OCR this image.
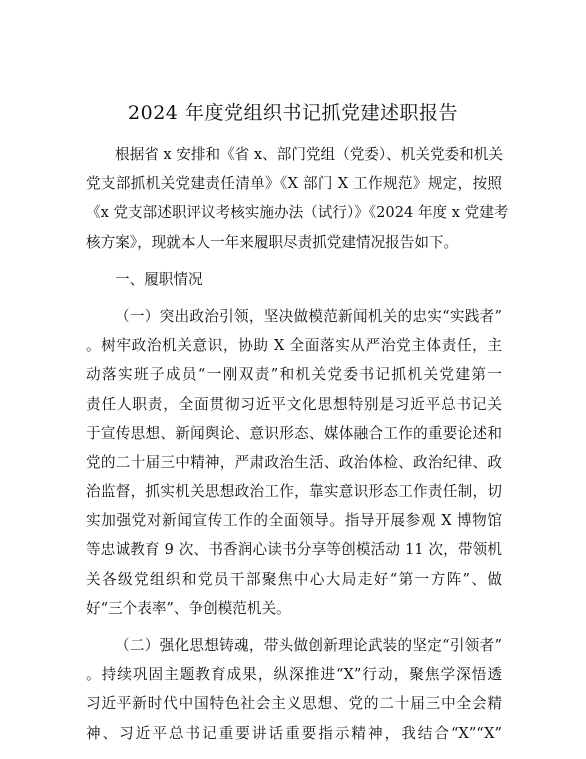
2024 年度党组织书记抓党建述职报告
根据省 x 安排和《省 x、部门党组（党委）、机关党委和机关
党支部抓机关党建责任清单》《X 部门 X 工作规范》规定，按照
《x 党支部述职评议考核实施办法（试行）》《2024 年度 x 党建考
核方案》，现就本人一年来履职尽责抓党建情况报告如下。
一、履职情况
（一）突出政治引领，坚决做模范新闻机关的忠实“实践者”
。树牢政治机关意识，协助 X 全面落实从严治党主体责任，主
动落实班子成员“一刚双责”和机关党委书记抓机关党建第一
责任人职责，全面贯彻习近平文化思想特别是习近平总书记关
于宣传思想、新闻舆论、意识形态、媒体融合工作的重要论述和
党的二十届三中精神，严肃政治生活、政治体检、政治纪律、政
治监督，抓实机关思想政治工作，靠实意识形态工作责任制，切
实加强党对新闻宣传工作的全面领导。指导开展参观 X 博物馆
等忠诚教育 9 次、书香润心读书分享等创模活动 11 次，带领机
关各级党组织和党员干部聚焦中心大局走好“第一方阵”、做
好“三个表率”、争创模范机关。
（二）强化思想铸魂，带头做创新理论武装的坚定“引领者”
。持续巩固主题教育成果，纵深推进“X”行动，聚焦学深悟透
习近平新时代中国特色社会主义思想、党的二十届三中全会精
神、习近平总书记重要讲话重要指示精神，我结合“X”“X”
